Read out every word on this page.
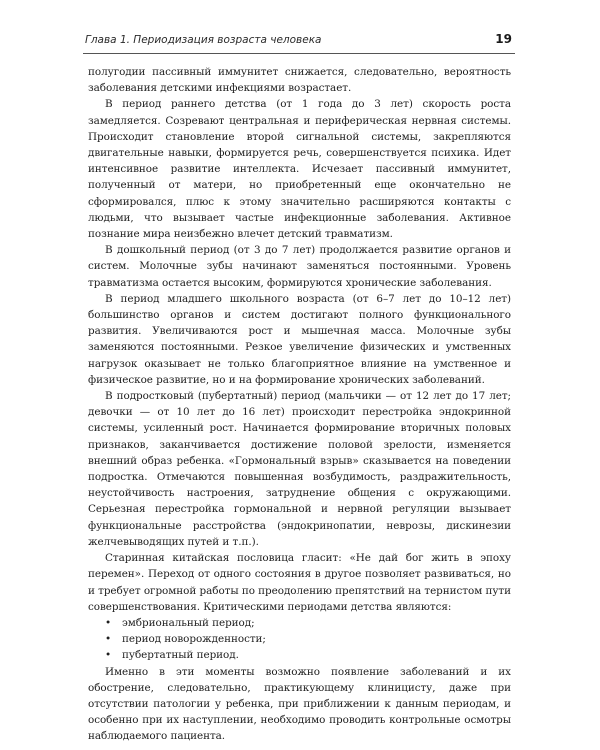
Глава 1. Периодизация возраста человека	19

полугодии пассивный иммунитет снижается, следовательно, вероятность заболевания детскими инфекциями возрастает.

В период раннего детства (от 1 года до 3 лет) скорость роста замедляется. Созревают центральная и периферическая нервная системы. Происходит становление второй сигнальной системы, закрепляются двигательные навыки, формируется речь, совершенствуется психика. Идет интенсивное развитие интеллекта. Исчезает пассивный иммунитет, полученный от матери, но приобретенный еще окончательно не сформировался, плюс к этому значительно расширяются контакты с людьми, что вызывает частые инфекционные заболевания. Активное познание мира неизбежно влечет детский травматизм.

В дошкольный период (от 3 до 7 лет) продолжается развитие органов и систем. Молочные зубы начинают заменяться постоянными. Уровень травматизма остается высоким, формируются хронические заболевания.

В период младшего школьного возраста (от 6–7 лет до 10–12 лет) большинство органов и систем достигают полного функционального развития. Увеличиваются рост и мышечная масса. Молочные зубы заменяются постоянными. Резкое увеличение физических и умственных нагрузок оказывает не только благоприятное влияние на умственное и физическое развитие, но и на формирование хронических заболеваний.

В подростковый (пубертатный) период (мальчики — от 12 лет до 17 лет; девочки — от 10 лет до 16 лет) происходит перестройка эндокринной системы, усиленный рост. Начинается формирование вторичных половых признаков, заканчивается достижение половой зрелости, изменяется внешний образ ребенка. «Гормональный взрыв» сказывается на поведении подростка. Отмечаются повышенная возбудимость, раздражительность, неустойчивость настроения, затруднение общения с окружающими. Серьезная перестройка гормональной и нервной регуляции вызывает функциональные расстройства (эндокринопатии, неврозы, дискинезии желчевыводящих путей и т.п.).

Старинная китайская пословица гласит: «Не дай бог жить в эпоху перемен». Переход от одного состояния в другое позволяет развиваться, но и требует огромной работы по преодолению препятствий на тернистом пути совершенствования. Критическими периодами детства являются:

• эмбриональный период;
• период новорожденности;
• пубертатный период.

Именно в эти моменты возможно появление заболеваний и их обострение, следовательно, практикующему клиницисту, даже при отсутствии патологии у ребенка, при приближении к данным периодам, и особенно при их наступлении, необходимо проводить контрольные осмотры наблюдаемого пациента.
